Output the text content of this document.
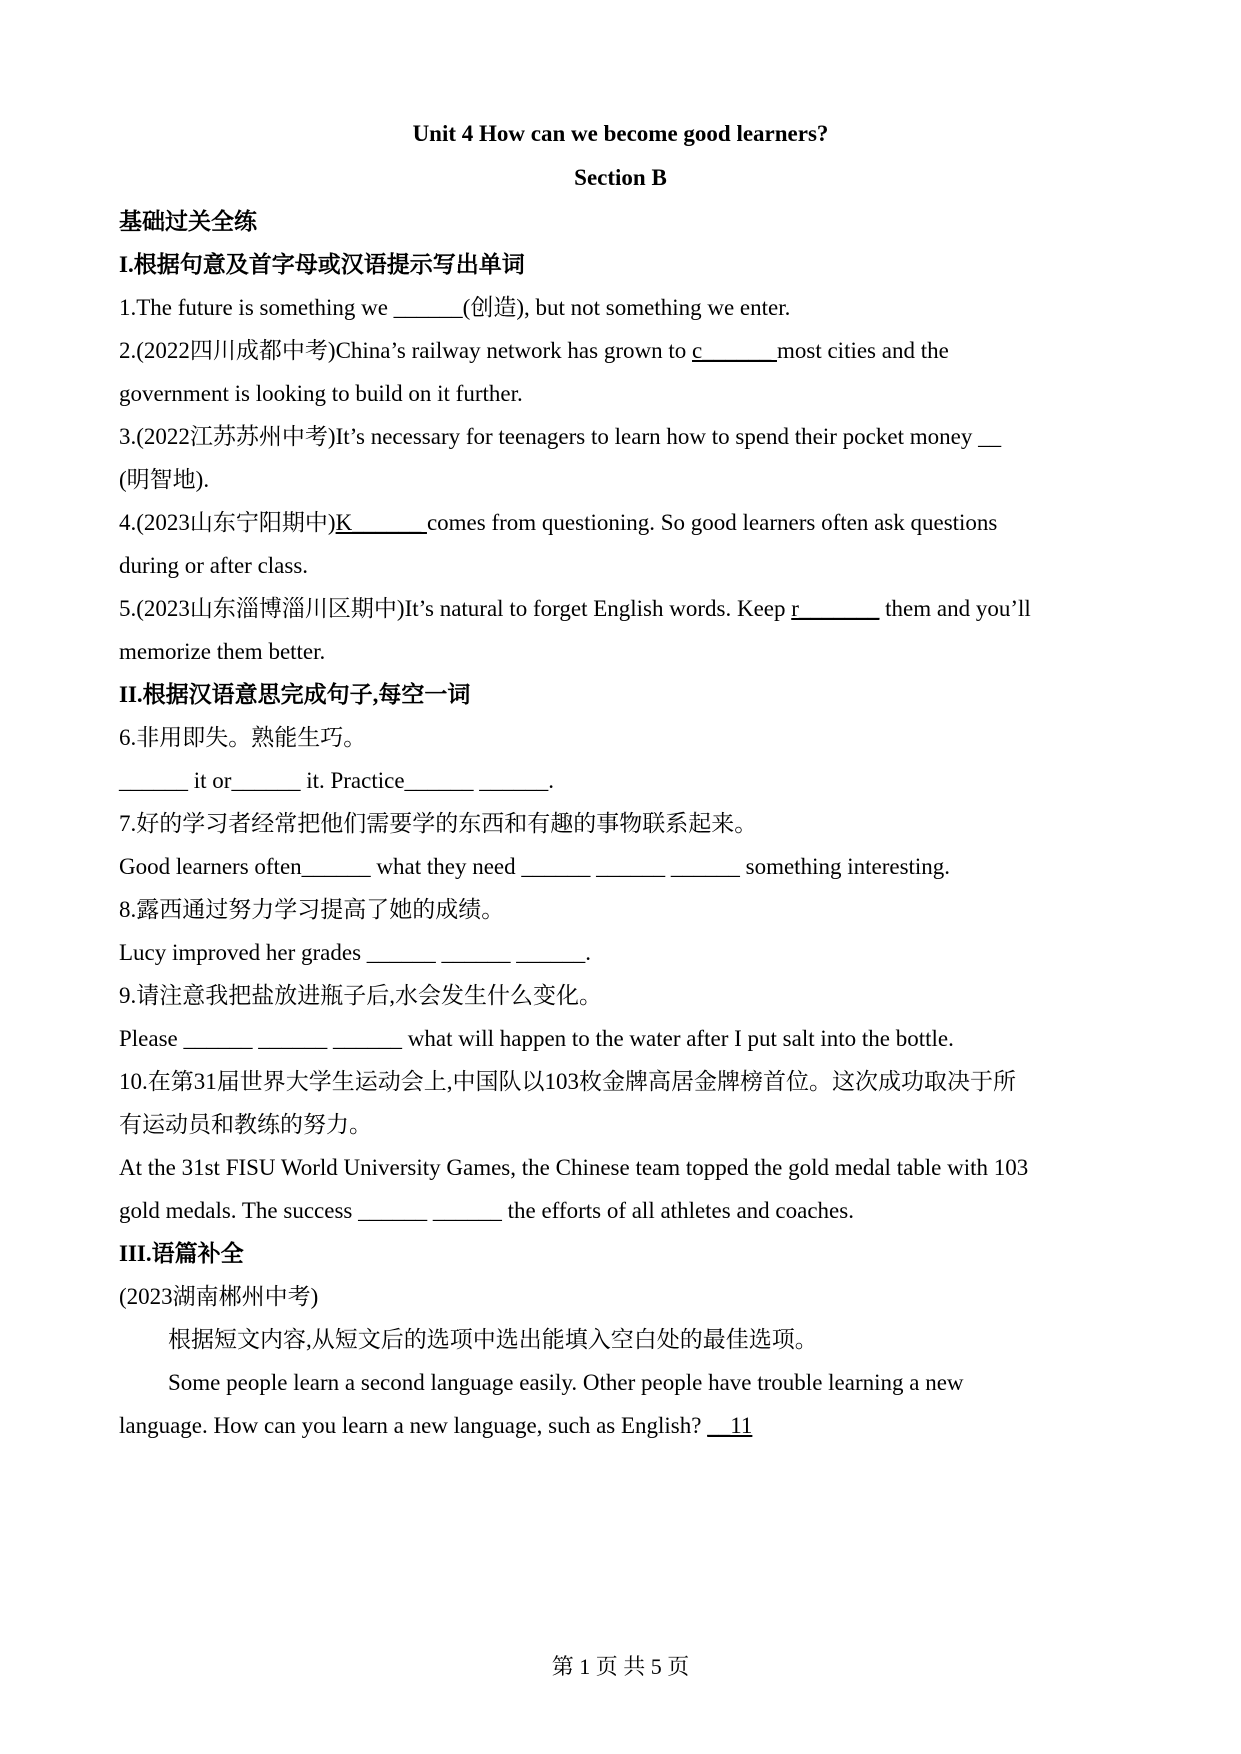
Unit 4 How can we become good learners?
Section B
基础过关全练
I.根据句意及首字母或汉语提示写出单词
1.The future is something we ______(创造), but not something we enter.
2.(2022四川成都中考)China’s railway network has grown to c______ most cities and the
government is looking to build on it further.
3.(2022江苏苏州中考)It’s necessary for teenagers to learn how to spend their pocket money __
(明智地).
4.(2023山东宁阳期中)K______ comes from questioning. So good learners often ask questions
during or after class.
5.(2023山东淄博淄川区期中)It’s natural to forget English words. Keep r_______ them and you’ll
memorize them better.
II.根据汉语意思完成句子,每空一词
6.非用即失。熟能生巧。
______ it or______ it. Practice______ ______.
7.好的学习者经常把他们需要学的东西和有趣的事物联系起来。
Good learners often______ what they need ______ ______ ______ something interesting.
8.露西通过努力学习提高了她的成绩。
Lucy improved her grades ______ ______ ______.
9.请注意我把盐放进瓶子后,水会发生什么变化。
Please ______ ______ ______ what will happen to the water after I put salt into the bottle.
10.在第31届世界大学生运动会上,中国队以103枚金牌高居金牌榜首位。这次成功取决于所
有运动员和教练的努力。
At the 31st FISU World University Games, the Chinese team topped the gold medal table with 103
gold medals. The success ______ ______ the efforts of all athletes and coaches.
III.语篇补全
(2023湖南郴州中考)
根据短文内容,从短文后的选项中选出能填入空白处的最佳选项。
Some people learn a second language easily. Other people have trouble learning a new
language. How can you learn a new language, such as English? __11
第 1 页 共 5 页
